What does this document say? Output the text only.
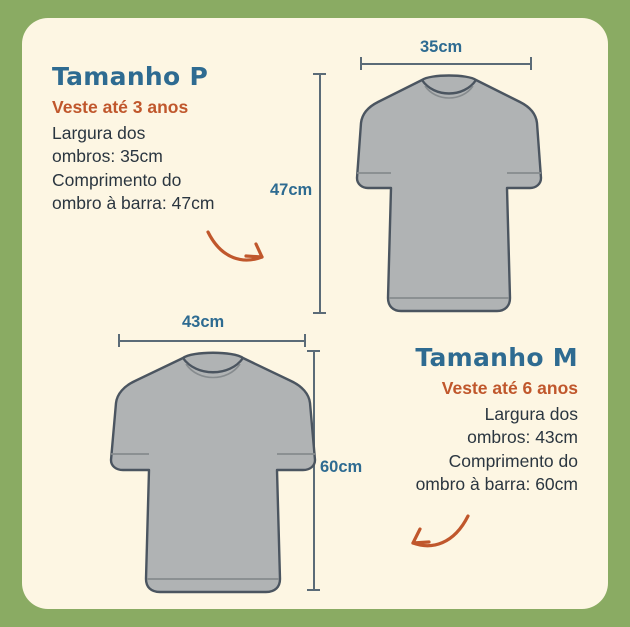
Tamanho P
Veste até 3 anos
Largura dos
ombros: 35cm
Comprimento do
ombro à barra: 47cm
35cm
47cm
43cm
60cm
Tamanho M
Veste até 6 anos
Largura dos
ombros: 43cm
Comprimento do
ombro à barra: 60cm
